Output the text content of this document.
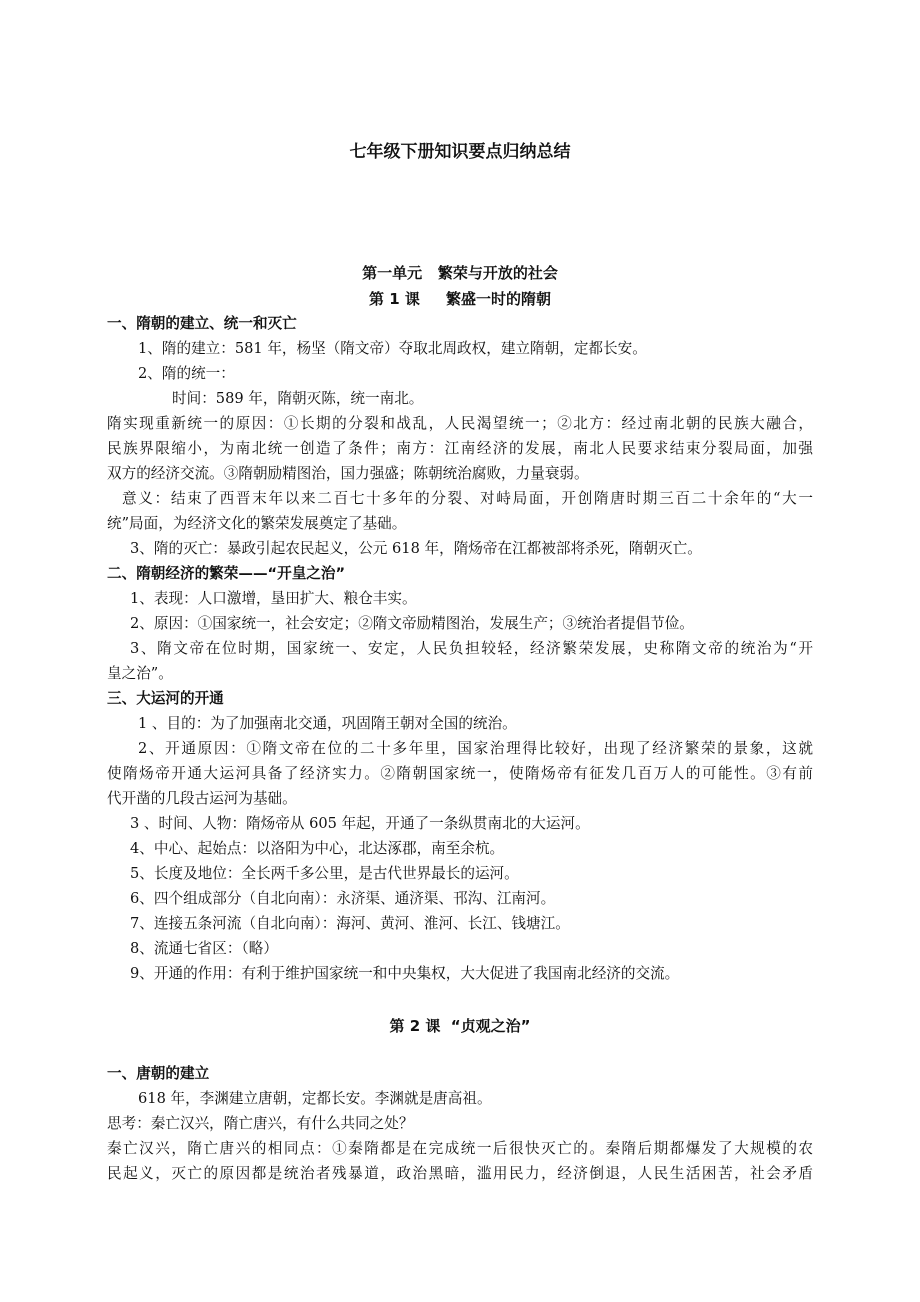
七年级下册知识要点归纳总结
第一单元   繁荣与开放的社会
第 1 课     繁盛一时的隋朝
一、隋朝的建立、统一和灭亡
1、隋的建立：581 年，杨坚（隋文帝）夺取北周政权，建立隋朝，定都长安。
2、隋的统一：
时间：589 年，隋朝灭陈，统一南北。
隋实现重新统一的原因：①长期的分裂和战乱，人民渴望统一；②北方：经过南北朝的民族大融合，
民族界限缩小，为南北统一创造了条件；南方：江南经济的发展，南北人民要求结束分裂局面，加强
双方的经济交流。③隋朝励精图治，国力强盛；陈朝统治腐败，力量衰弱。
意义：结束了西晋末年以来二百七十多年的分裂、对峙局面，开创隋唐时期三百二十余年的“大一
统”局面，为经济文化的繁荣发展奠定了基础。
3、隋的灭亡：暴政引起农民起义，公元 618 年，隋炀帝在江都被部将杀死，隋朝灭亡。
二、隋朝经济的繁荣——“开皇之治”
1、表现：人口激增，垦田扩大、粮仓丰实。
2、原因：①国家统一，社会安定；②隋文帝励精图治，发展生产；③统治者提倡节俭。
3、隋文帝在位时期，国家统一、安定，人民负担较轻，经济繁荣发展，史称隋文帝的统治为“开
皇之治”。
三、大运河的开通
1 、目的：为了加强南北交通，巩固隋王朝对全国的统治。
2、开通原因：①隋文帝在位的二十多年里，国家治理得比较好，出现了经济繁荣的景象，这就
使隋炀帝开通大运河具备了经济实力。②隋朝国家统一，使隋炀帝有征发几百万人的可能性。③有前
代开凿的几段古运河为基础。
3 、时间、人物：隋炀帝从 605 年起，开通了一条纵贯南北的大运河。
4、中心、起始点：以洛阳为中心，北达涿郡，南至余杭。
5、长度及地位：全长两千多公里，是古代世界最长的运河。
6、四个组成部分（自北向南）：永济渠、通济渠、邗沟、江南河。
7、连接五条河流（自北向南）：海河、黄河、淮河、长江、钱塘江。
8、流通七省区：（略）
9、开通的作用：有利于维护国家统一和中央集权，大大促进了我国南北经济的交流。
第 2 课  “贞观之治”
一、唐朝的建立
618 年，李渊建立唐朝，定都长安。李渊就是唐高祖。
思考：秦亡汉兴，隋亡唐兴，有什么共同之处？
秦亡汉兴，隋亡唐兴的相同点：①秦隋都是在完成统一后很快灭亡的。秦隋后期都爆发了大规模的农
民起义，灭亡的原因都是统治者残暴道，政治黑暗，滥用民力，经济倒退，人民生活困苦，社会矛盾
